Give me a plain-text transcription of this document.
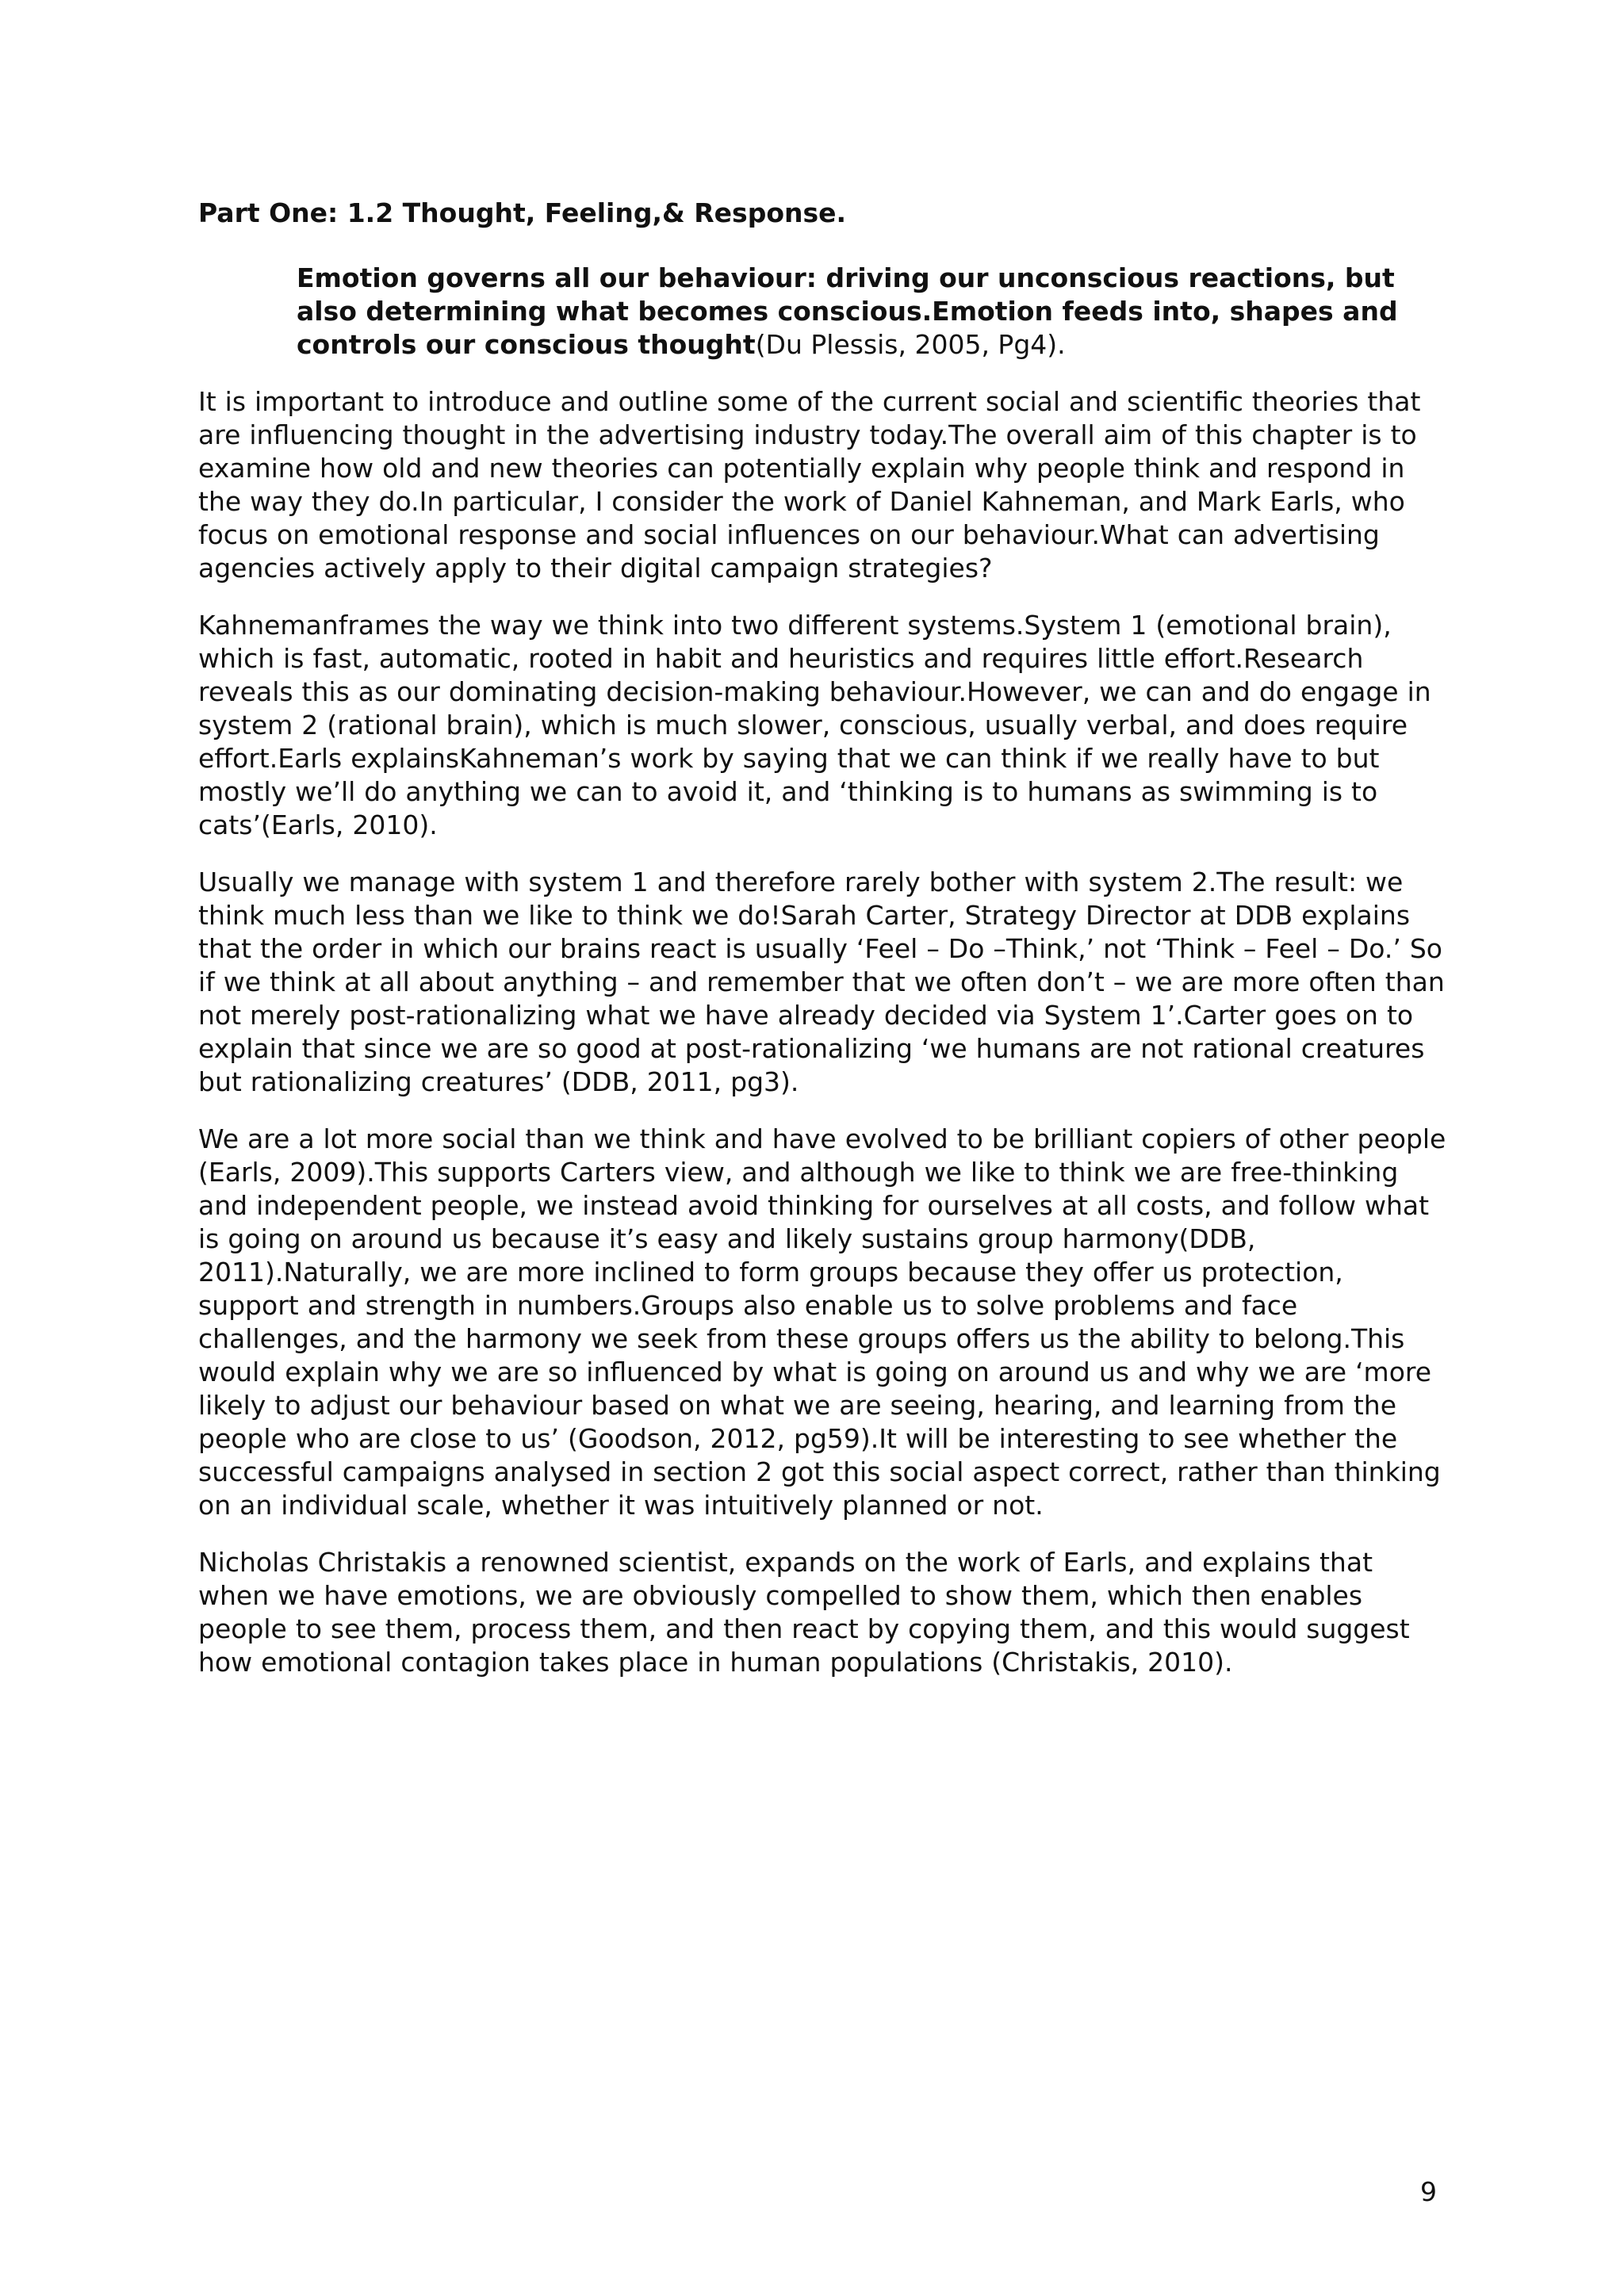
Part One: 1.2 Thought, Feeling,& Response.
Emotion governs all our behaviour: driving our unconscious reactions, but also determining what becomes conscious.Emotion feeds into, shapes and controls our conscious thought(Du Plessis, 2005, Pg4).

It is important to introduce and outline some of the current social and scientific theories that are influencing thought in the advertising industry today.The overall aim of this chapter is to examine how old and new theories can potentially explain why people think and respond in the way they do.In particular, I consider the work of Daniel Kahneman, and Mark Earls, who focus on emotional response and social influences on our behaviour.What can advertising agencies actively apply to their digital campaign strategies?

Kahnemanframes the way we think into two different systems.System 1 (emotional brain), which is fast, automatic, rooted in habit and heuristics and requires little effort.Research reveals this as our dominating decision-making behaviour.However, we can and do engage in system 2 (rational brain), which is much slower, conscious, usually verbal, and does require effort.Earls explainsKahneman’s work by saying that we can think if we really have to but mostly we’ll do anything we can to avoid it, and ‘thinking is to humans as swimming is to cats’(Earls, 2010).

Usually we manage with system 1 and therefore rarely bother with system 2.The result: we think much less than we like to think we do!Sarah Carter, Strategy Director at DDB explains that the order in which our brains react is usually ‘Feel – Do –Think,’ not ‘Think – Feel – Do.’ So if we think at all about anything – and remember that we often don’t – we are more often than not merely post-rationalizing what we have already decided via System 1’.Carter goes on to explain that since we are so good at post-rationalizing ‘we humans are not rational creatures but rationalizing creatures’ (DDB, 2011, pg3).

We are a lot more social than we think and have evolved to be brilliant copiers of other people (Earls, 2009).This supports Carters view, and although we like to think we are free-thinking and independent people, we instead avoid thinking for ourselves at all costs, and follow what is going on around us because it’s easy and likely sustains group harmony(DDB, 2011).Naturally, we are more inclined to form groups because they offer us protection, support and strength in numbers.Groups also enable us to solve problems and face challenges, and the harmony we seek from these groups offers us the ability to belong.This would explain why we are so influenced by what is going on around us and why we are ‘more likely to adjust our behaviour based on what we are seeing, hearing, and learning from the people who are close to us’ (Goodson, 2012, pg59).It will be interesting to see whether the successful campaigns analysed in section 2 got this social aspect correct, rather than thinking on an individual scale, whether it was intuitively planned or not.

Nicholas Christakis a renowned scientist, expands on the work of Earls, and explains that when we have emotions, we are obviously compelled to show them, which then enables people to see them, process them, and then react by copying them, and this would suggest how emotional contagion takes place in human populations (Christakis, 2010).

9
